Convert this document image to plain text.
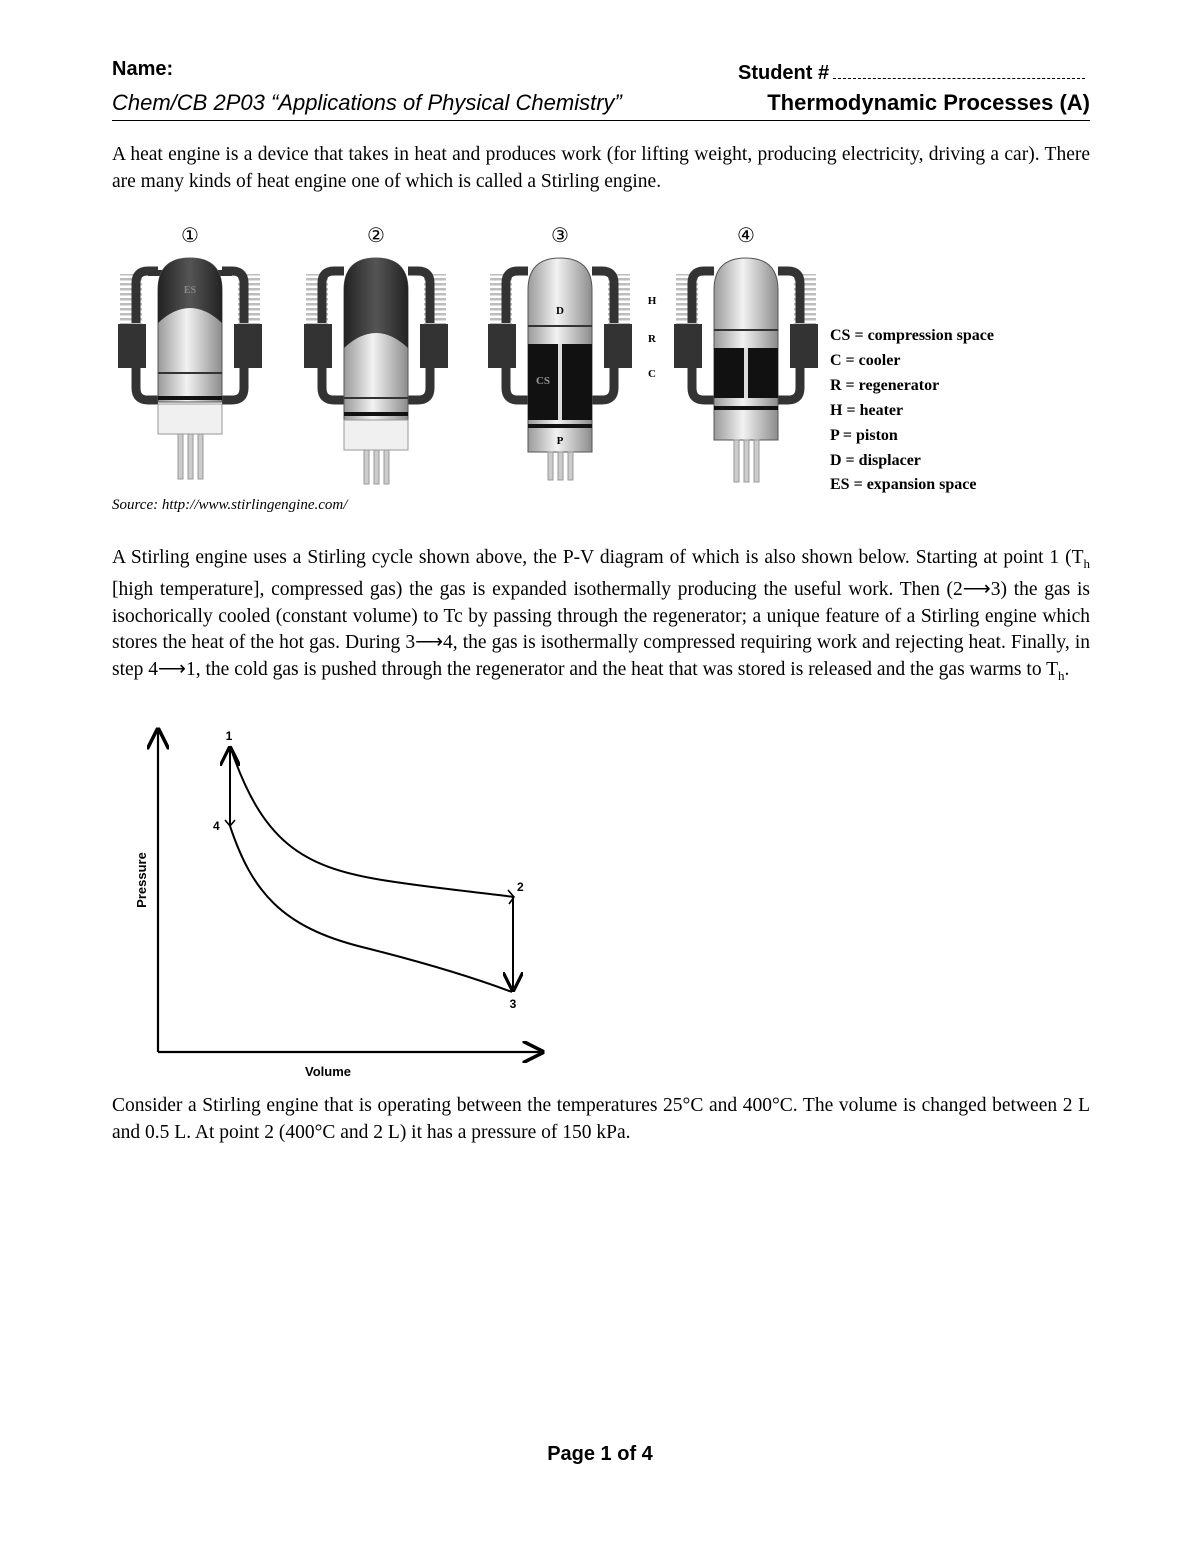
Name:	Student #
Chem/CB 2P03 “Applications of Physical Chemistry”	Thermodynamic Processes (A)
A heat engine is a device that takes in heat and produces work (for lifting weight, producing electricity, driving a car). There are many kinds of heat engine one of which is called a Stirling engine.
①
ES
②	③
D
CS
P
H
R
C
④
CS = compression space
C = cooler
R = regenerator
H = heater
P = piston
D = displacer
ES = expansion space
Source: http://www.stirlingengine.com/
A Stirling engine uses a Stirling cycle shown above, the P-V diagram of which is also shown below. Starting at point 1 ($T_h$ [high temperature], compressed gas) the gas is expanded isothermally producing the useful work. Then (2⟶3) the gas is isochorically cooled (constant volume) to Tc by passing through the regenerator; a unique feature of a Stirling engine which stores the heat of the hot gas. During 3⟶4, the gas is isothermally compressed requiring work and rejecting heat. Finally, in step 4⟶1, the cold gas is pushed through the regenerator and the heat that was stored is released and the gas warms to $T_h$.
Pressure
Volume
1
2
3
4
Consider a Stirling engine that is operating between the temperatures 25°C and 400°C. The volume is changed between 2 L and 0.5 L. At point 2 (400°C and 2 L) it has a pressure of 150 kPa.
Page 1 of 4
